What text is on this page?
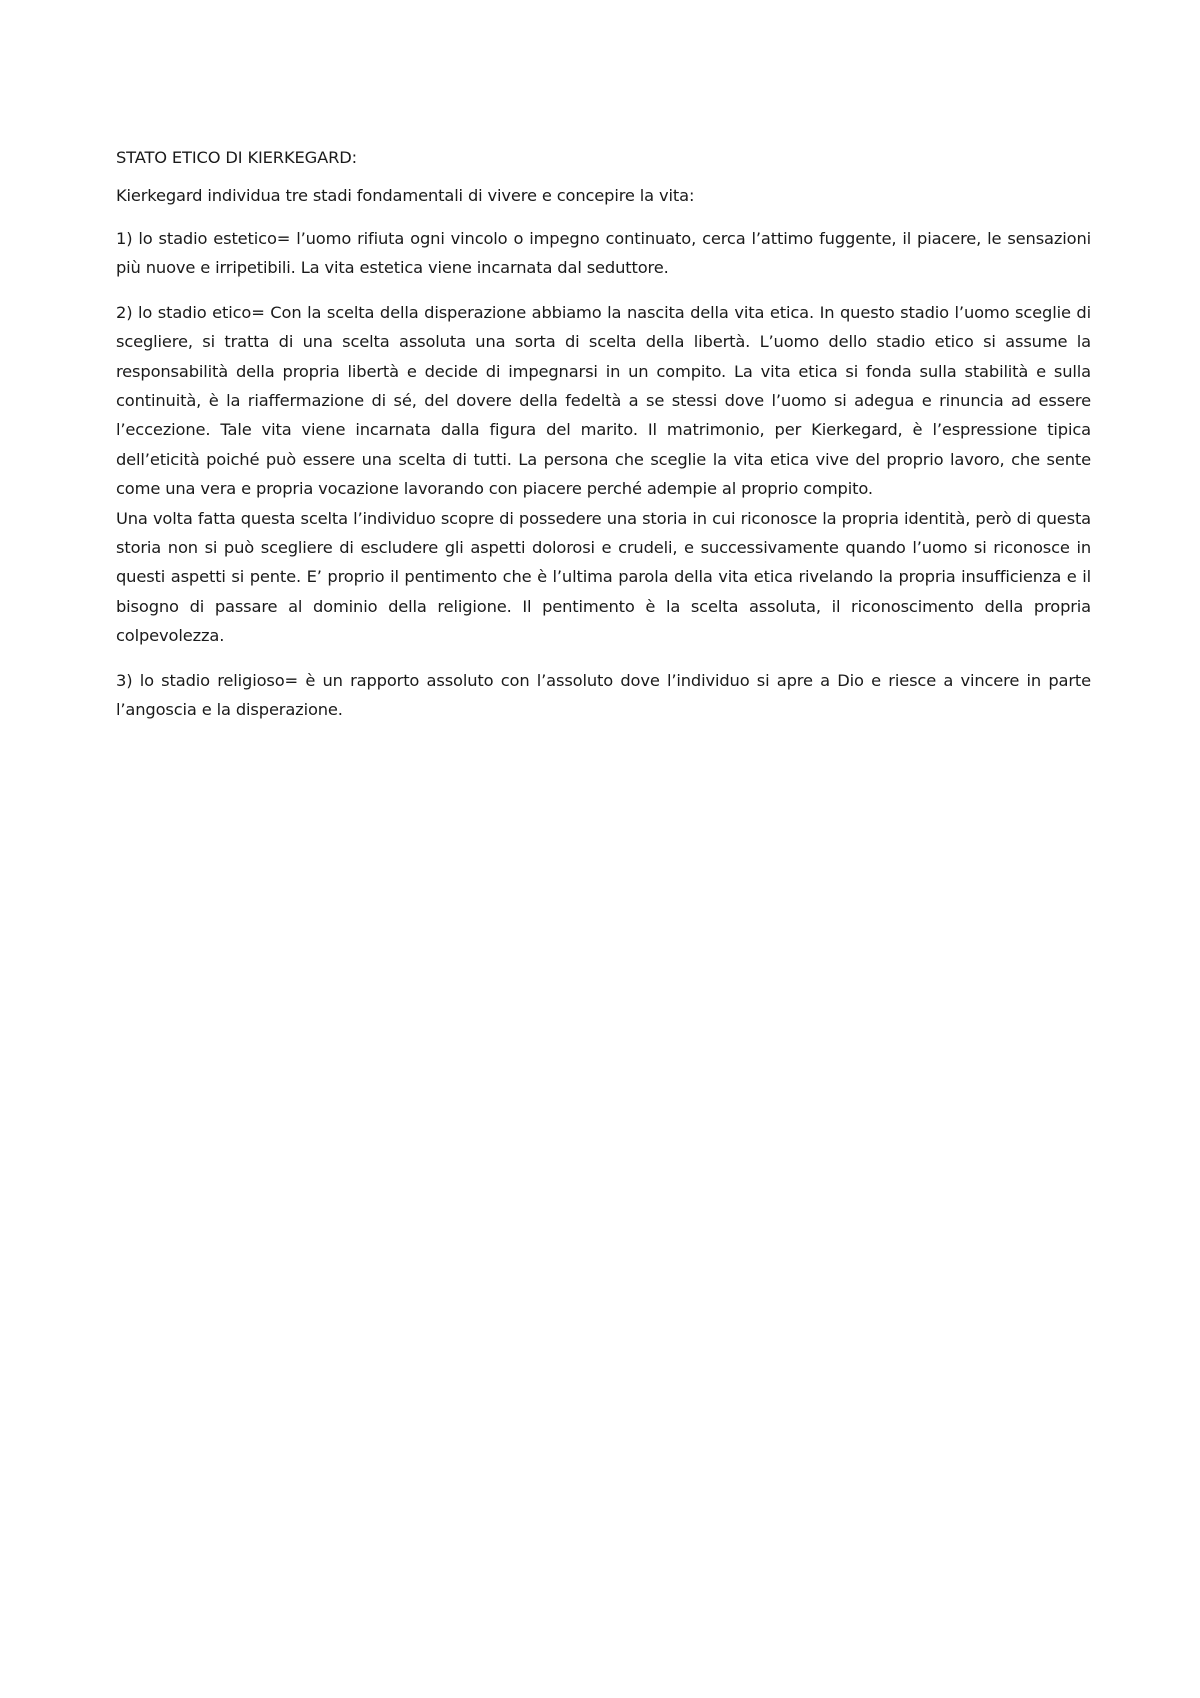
STATO ETICO DI KIERKEGARD:

Kierkegard individua tre stadi fondamentali di vivere e concepire la vita:

1) lo stadio estetico= l’uomo rifiuta ogni vincolo o impegno continuato, cerca l’attimo fuggente, il piacere, le sensazioni più nuove e irripetibili. La vita estetica viene incarnata dal seduttore.

2) lo stadio etico= Con la scelta della disperazione abbiamo la nascita della vita etica. In questo stadio l’uomo sceglie di scegliere, si tratta di una scelta assoluta una sorta di scelta della libertà. L’uomo dello stadio etico si assume la responsabilità della propria libertà e decide di impegnarsi in un compito. La vita etica si fonda sulla stabilità e sulla continuità, è la riaffermazione di sé, del dovere della fedeltà a se stessi dove l’uomo si adegua e rinuncia ad essere l’eccezione. Tale vita viene incarnata dalla figura del marito. Il matrimonio, per Kierkegard, è l’espressione tipica dell’eticità poiché può essere una scelta di tutti. La persona che sceglie la vita etica vive del proprio lavoro, che sente come una vera e propria vocazione lavorando con piacere perché adempie al proprio compito.

Una volta fatta questa scelta l’individuo scopre di possedere una storia in cui riconosce la propria identità, però di questa storia non si può scegliere di escludere gli aspetti dolorosi e crudeli, e successivamente quando l’uomo si riconosce in questi aspetti si pente. E’ proprio il pentimento che è l’ultima parola della vita etica rivelando la propria insufficienza e il bisogno di passare al dominio della religione. Il pentimento è la scelta assoluta, il riconoscimento della propria colpevolezza.

3) lo stadio religioso= è un rapporto assoluto con l’assoluto dove l’individuo si apre a Dio e riesce a vincere in parte l’angoscia e la disperazione.
